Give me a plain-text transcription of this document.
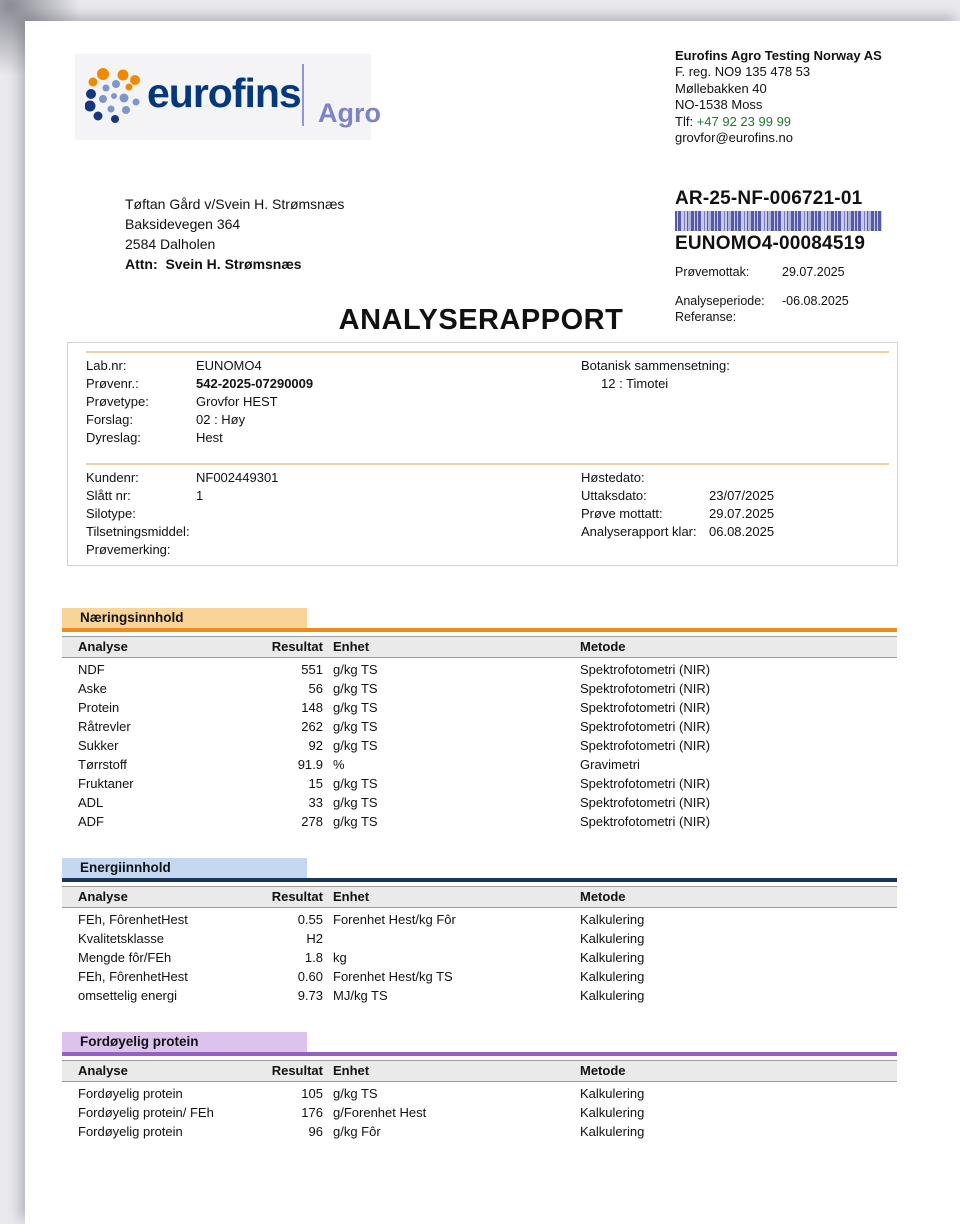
eurofins Agro
Eurofins Agro Testing Norway AS
F. reg. NO9 135 478 53
Møllebakken 40
NO-1538 Moss
Tlf: +47 92 23 99 99
grovfor@eurofins.no
Tøftan Gård v/Svein H. Strømsnæs
Baksidevegen 364
2584 Dalholen
Attn: Svein H. Strømsnæs
AR-25-NF-006721-01
EUNOMO4-00084519
Prøvemottak:	29.07.2025
Analyseperiode:	-06.08.2025
Referanse:
ANALYSERAPPORT
Lab.nr:	EUNOMO4
Prøvenr.:	542-2025-07290009
Prøvetype:	Grovfor HEST
Forslag:	02 : Høy
Dyreslag:	Hest
Botanisk sammensetning:
12 : Timotei
Kundenr:	NF002449301
Slått nr:	1
Silotype:
Tilsetningsmiddel:
Prøvemerking:
Høstedato:
Uttaksdato:	23/07/2025
Prøve mottatt:	29.07.2025
Analyserapport klar: 06.08.2025
Næringsinnhold
Analyse	Resultat Enhet	Metode
NDF	551 g/kg TS	Spektrofotometri (NIR)
Aske	56 g/kg TS	Spektrofotometri (NIR)
Protein	148 g/kg TS	Spektrofotometri (NIR)
Råtrevler	262 g/kg TS	Spektrofotometri (NIR)
Sukker	92 g/kg TS	Spektrofotometri (NIR)
Tørrstoff	91.9 %	Gravimetri
Fruktaner	15 g/kg TS	Spektrofotometri (NIR)
ADL	33 g/kg TS	Spektrofotometri (NIR)
ADF	278 g/kg TS	Spektrofotometri (NIR)
Energiinnhold
Analyse	Resultat Enhet	Metode
FEh, FôrenhetHest	0.55 Forenhet Hest/kg Fôr	Kalkulering
Kvalitetsklasse	H2	Kalkulering
Mengde fôr/FEh	1.8 kg	Kalkulering
FEh, FôrenhetHest	0.60 Forenhet Hest/kg TS	Kalkulering
omsettelig energi	9.73 MJ/kg TS	Kalkulering
Fordøyelig protein
Analyse	Resultat Enhet	Metode
Fordøyelig protein	105 g/kg TS	Kalkulering
Fordøyelig protein/ FEh	176 g/Forenhet Hest	Kalkulering
Fordøyelig protein	96 g/kg Fôr	Kalkulering
